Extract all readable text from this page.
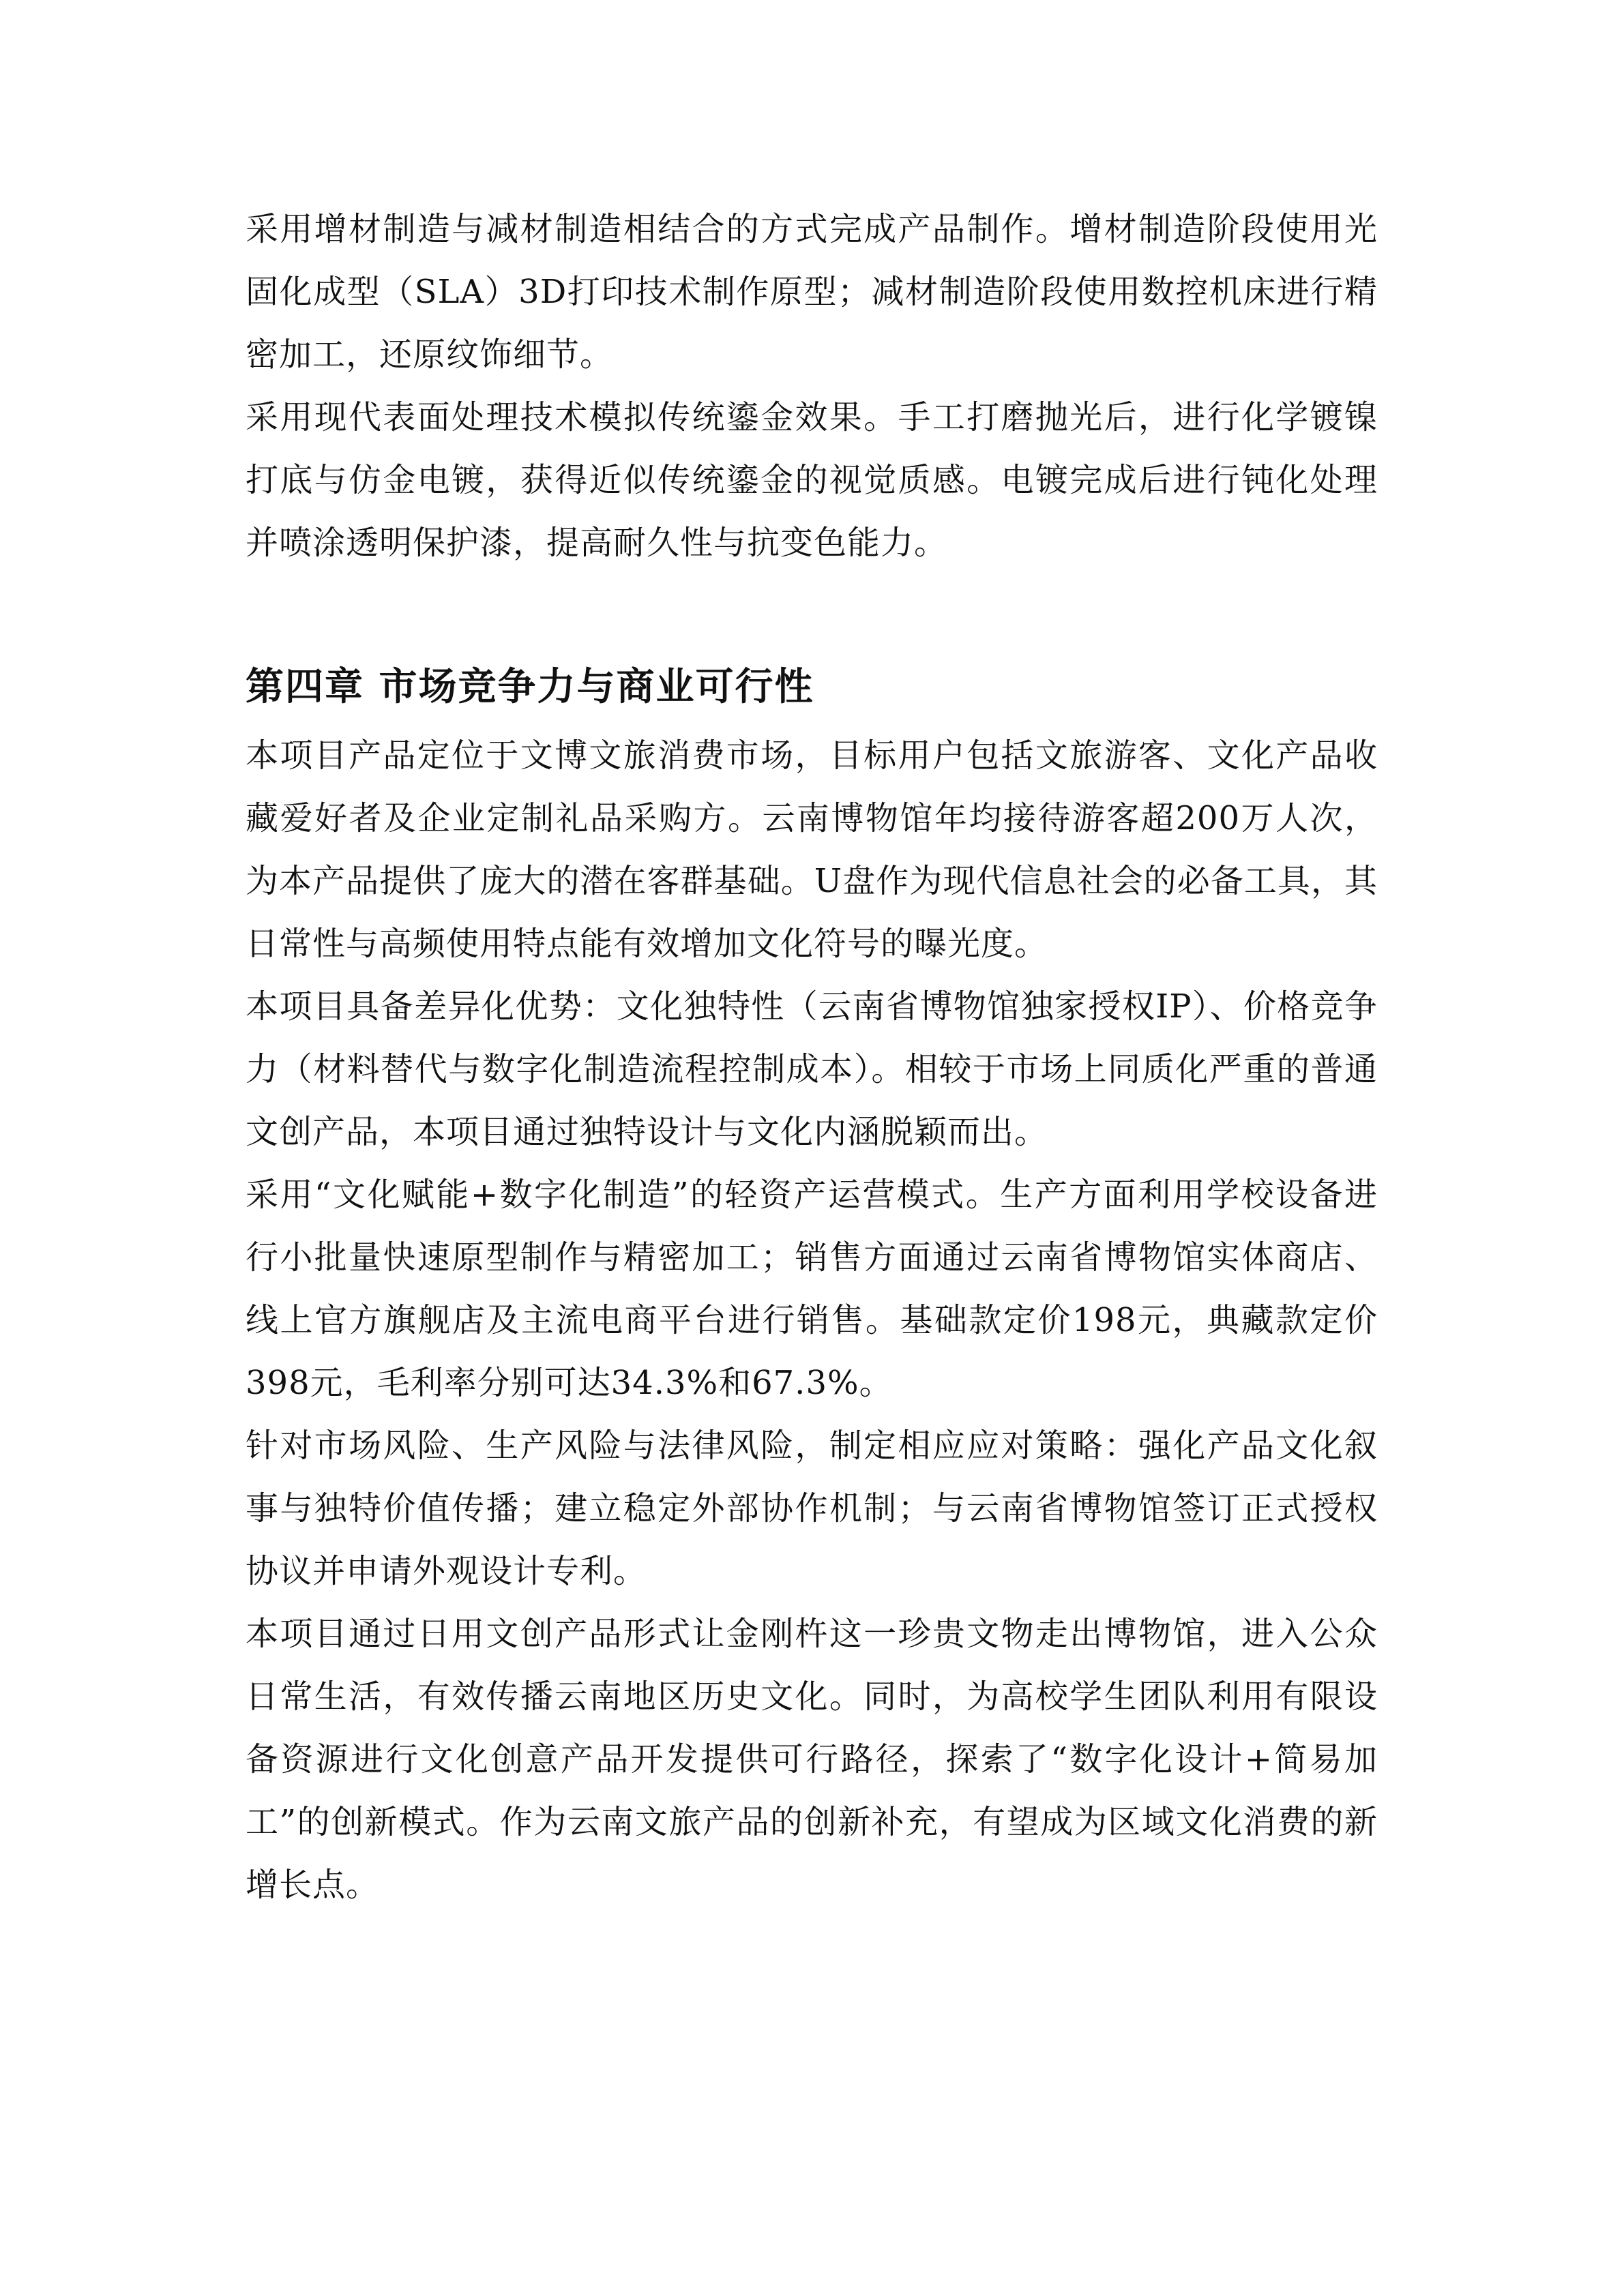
采用增材制造与减材制造相结合的方式完成产品制作。增材制造阶段使用光固化成型（SLA）3D打印技术制作原型；减材制造阶段使用数控机床进行精密加工，还原纹饰细节。

采用现代表面处理技术模拟传统鎏金效果。手工打磨抛光后，进行化学镀镍打底与仿金电镀，获得近似传统鎏金的视觉质感。电镀完成后进行钝化处理并喷涂透明保护漆，提高耐久性与抗变色能力。

第四章 市场竞争力与商业可行性

本项目产品定位于文博文旅消费市场，目标用户包括文旅游客、文化产品收藏爱好者及企业定制礼品采购方。云南博物馆年均接待游客超200万人次，为本产品提供了庞大的潜在客群基础。U盘作为现代信息社会的必备工具，其日常性与高频使用特点能有效增加文化符号的曝光度。

本项目具备差异化优势：文化独特性（云南省博物馆独家授权IP）、价格竞争力（材料替代与数字化制造流程控制成本）。相较于市场上同质化严重的普通文创产品，本项目通过独特设计与文化内涵脱颖而出。

采用“文化赋能+数字化制造”的轻资产运营模式。生产方面利用学校设备进行小批量快速原型制作与精密加工；销售方面通过云南省博物馆实体商店、线上官方旗舰店及主流电商平台进行销售。基础款定价198元，典藏款定价398元，毛利率分别可达34.3%和67.3%。

针对市场风险、生产风险与法律风险，制定相应应对策略：强化产品文化叙事与独特价值传播；建立稳定外部协作机制；与云南省博物馆签订正式授权协议并申请外观设计专利。

本项目通过日用文创产品形式让金刚杵这一珍贵文物走出博物馆，进入公众日常生活，有效传播云南地区历史文化。同时，为高校学生团队利用有限设备资源进行文化创意产品开发提供可行路径，探索了“数字化设计+简易加工”的创新模式。作为云南文旅产品的创新补充，有望成为区域文化消费的新增长点。
